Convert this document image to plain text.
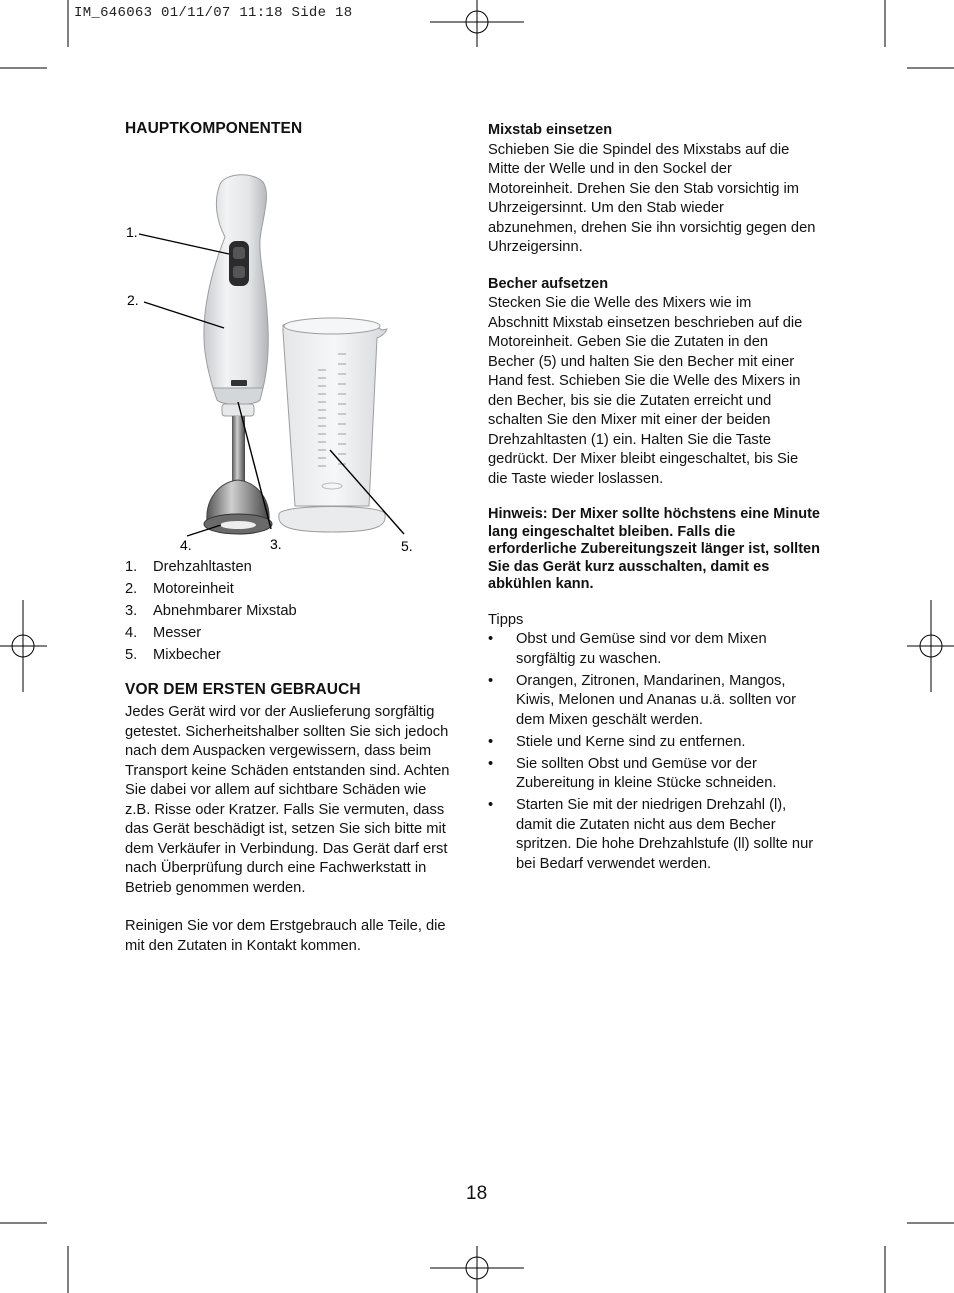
IM_646063 01/11/07 11:18 Side 18
HAUPTKOMPONENTEN
1.
2.
3.
4.	5.
1.	Drehzahltasten
2.	Motoreinheit
3.	Abnehmbarer Mixstab
4.	Messer
5.	Mixbecher
VOR DEM ERSTEN GEBRAUCH

Jedes Gerät wird vor der Auslieferung sorgfältig

getestet. Sicherheitshalber sollten Sie sich jedoch

nach dem Auspacken vergewissern, dass beim

Transport keine Schäden entstanden sind. Achten

Sie dabei vor allem auf sichtbare Schäden wie

z.B. Risse oder Kratzer. Falls Sie vermuten, dass

das Gerät beschädigt ist, setzen Sie sich bitte mit

dem Verkäufer in Verbindung. Das Gerät darf erst

nach Überprüfung durch eine Fachwerkstatt in

Betrieb genommen werden.

Reinigen Sie vor dem Erstgebrauch alle Teile, die

mit den Zutaten in Kontakt kommen.

Mixstab einsetzen

Schieben Sie die Spindel des Mixstabs auf die

Mitte der Welle und in den Sockel der

Motoreinheit. Drehen Sie den Stab vorsichtig im

Uhrzeigersinnt. Um den Stab wieder

abzunehmen, drehen Sie ihn vorsichtig gegen den

Uhrzeigersinn.

Becher aufsetzen

Stecken Sie die Welle des Mixers wie im

Abschnitt Mixstab einsetzen beschrieben auf die

Motoreinheit. Geben Sie die Zutaten in den

Becher (5) und halten Sie den Becher mit einer

Hand fest. Schieben Sie die Welle des Mixers in

den Becher, bis sie die Zutaten erreicht und

schalten Sie den Mixer mit einer der beiden

Drehzahltasten (1) ein. Halten Sie die Taste

gedrückt. Der Mixer bleibt eingeschaltet, bis Sie

die Taste wieder loslassen.

Hinweis: Der Mixer sollte höchstens eine Minute

lang eingeschaltet bleiben. Falls die

erforderliche Zubereitungszeit länger ist, sollten

Sie das Gerät kurz ausschalten, damit es

abkühlen kann.

Tipps

•	Obst und Gemüse sind vor dem Mixen

sorgfältig zu waschen.

•	Orangen, Zitronen, Mandarinen, Mangos,

Kiwis, Melonen und Ananas u.ä. sollten vor

dem Mixen geschält werden.

•	Stiele und Kerne sind zu entfernen.

•	Sie sollten Obst und Gemüse vor der

Zubereitung in kleine Stücke schneiden.

•	Starten Sie mit der niedrigen Drehzahl (l),

damit die Zutaten nicht aus dem Becher

spritzen. Die hohe Drehzahlstufe (ll) sollte nur

bei Bedarf verwendet werden.

18
